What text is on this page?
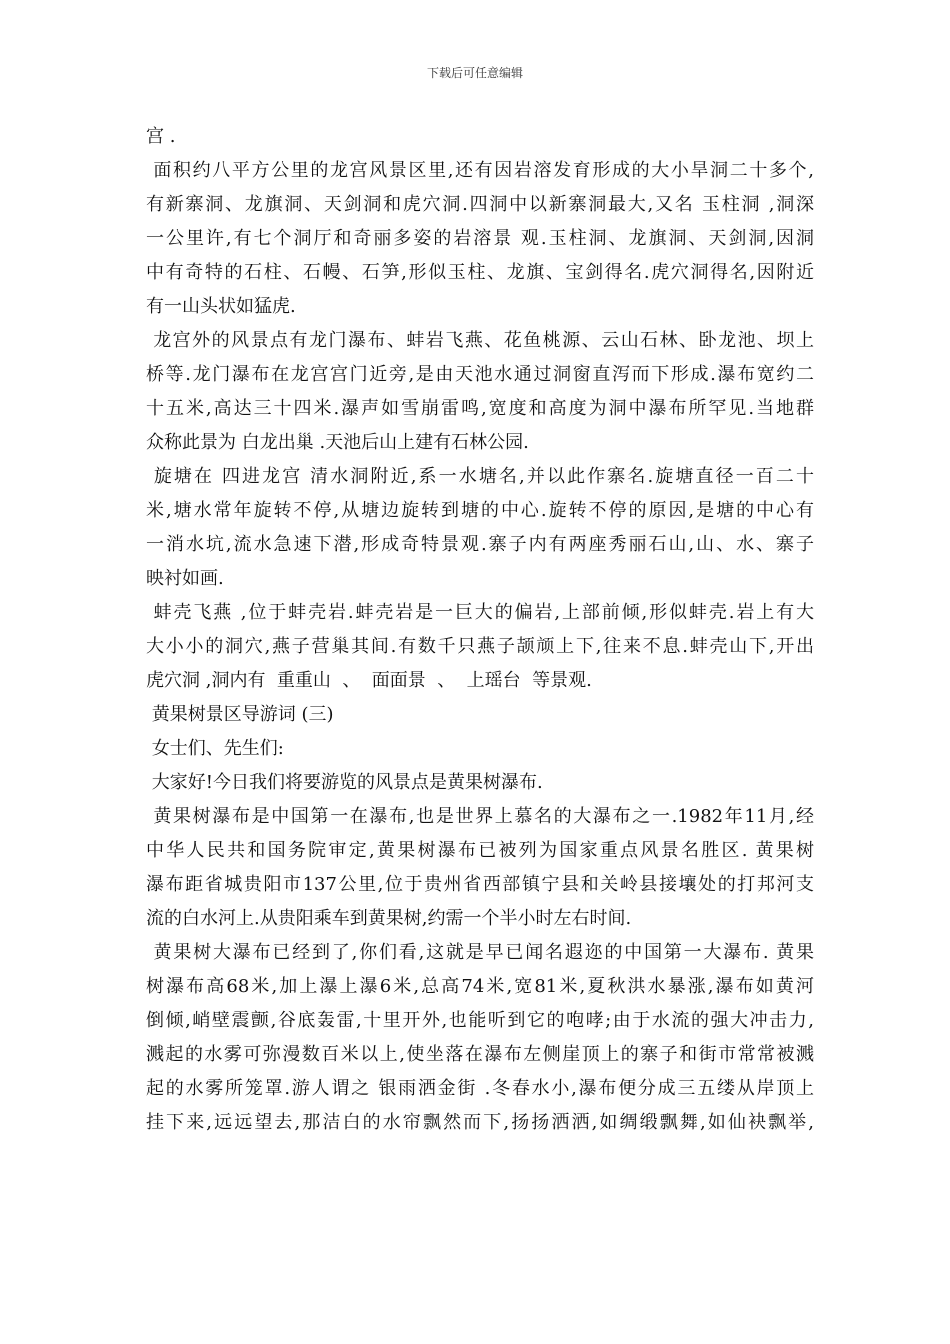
下载后可任意编辑
宫 .
面积约八平方公里的龙宫风景区里,还有因岩溶发育形成的大小旱洞二十多个,
有新寨洞、龙旗洞、天剑洞和虎穴洞.四洞中以新寨洞最大,又名 玉柱洞 ,洞深
一公里许,有七个洞厅和奇丽多姿的岩溶景 观.玉柱洞、龙旗洞、天剑洞,因洞
中有奇特的石柱、石幔、石笋,形似玉柱、龙旗、宝剑得名.虎穴洞得名,因附近
有一山头状如猛虎.
龙宫外的风景点有龙门瀑布、蚌岩飞燕、花鱼桃源、云山石林、卧龙池、坝上
桥等.龙门瀑布在龙宫宫门近旁,是由天池水通过洞窗直泻而下形成.瀑布宽约二
十五米,高达三十四米.瀑声如雪崩雷鸣,宽度和高度为洞中瀑布所罕见.当地群
众称此景为 白龙出巢 .天池后山上建有石林公园.
旋塘在 四进龙宫 清水洞附近,系一水塘名,并以此作寨名.旋塘直径一百二十
米,塘水常年旋转不停,从塘边旋转到塘的中心.旋转不停的原因,是塘的中心有
一消水坑,流水急速下潜,形成奇特景观.寨子内有两座秀丽石山,山、水、寨子
映衬如画.
蚌壳飞燕 ,位于蚌壳岩.蚌壳岩是一巨大的偏岩,上部前倾,形似蚌壳.岩上有大
大小小的洞穴,燕子营巢其间.有数千只燕子颉颃上下,往来不息.蚌壳山下,开出
虎穴洞 ,洞内有  重重山  、  面面景  、  上瑶台  等景观.
黄果树景区导游词 (三)
女士们、先生们:
大家好!今日我们将要游览的风景点是黄果树瀑布.
黄果树瀑布是中国第一在瀑布,也是世界上慕名的大瀑布之一.1982年11月,经
中华人民共和国务院审定,黄果树瀑布已被列为国家重点风景名胜区. 黄果树
瀑布距省城贵阳市137公里,位于贵州省西部镇宁县和关岭县接壤处的打邦河支
流的白水河上.从贵阳乘车到黄果树,约需一个半小时左右时间.
黄果树大瀑布已经到了,你们看,这就是早已闻名遐迩的中国第一大瀑布. 黄果
树瀑布高68米,加上瀑上瀑6米,总高74米,宽81米,夏秋洪水暴涨,瀑布如黄河
倒倾,峭壁震颤,谷底轰雷,十里开外,也能听到它的咆哮;由于水流的强大冲击力,
溅起的水雾可弥漫数百米以上,使坐落在瀑布左侧崖顶上的寨子和街市常常被溅
起的水雾所笼罩.游人谓之 银雨洒金街 .冬春水小,瀑布便分成三五缕从岸顶上
挂下来,远远望去,那洁白的水帘飘然而下,扬扬洒洒,如绸缎飘舞,如仙袂飘举,
